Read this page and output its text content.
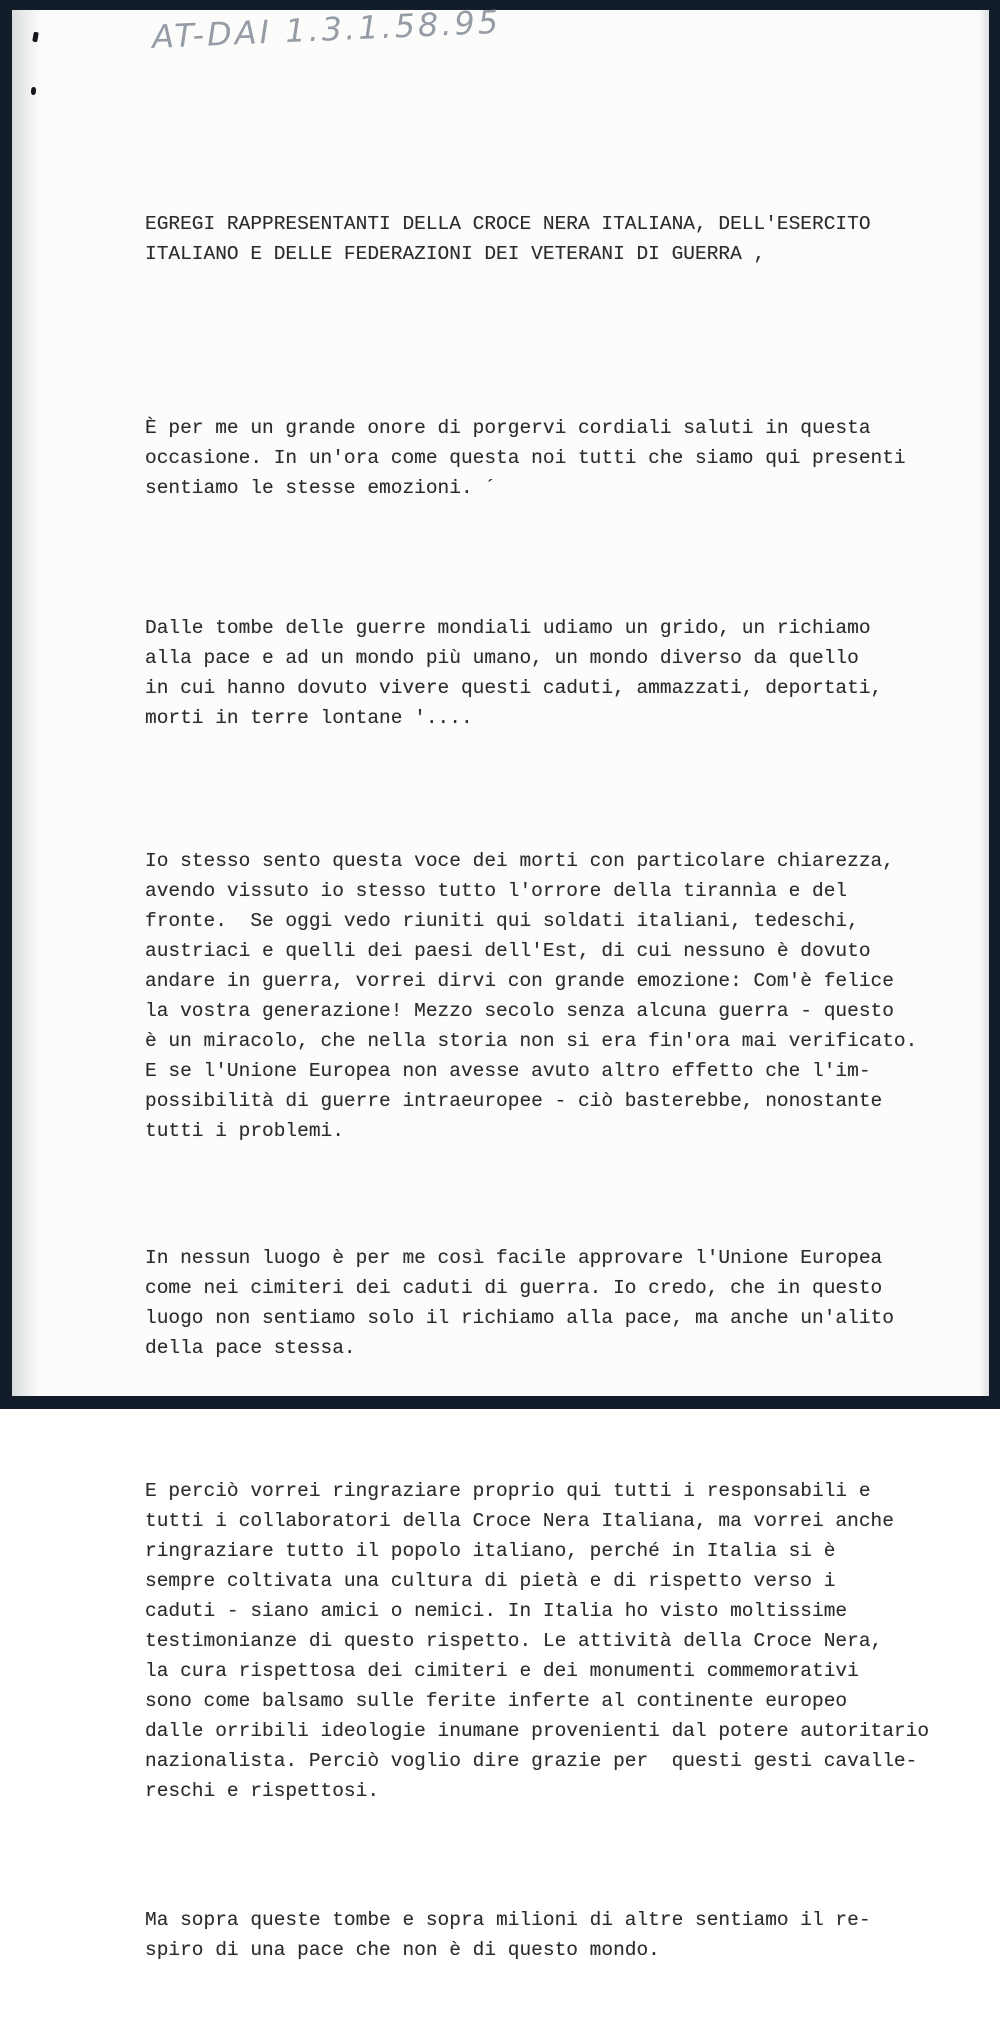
AT-DAI 1.3.1.58.95

EGREGI RAPPRESENTANTI DELLA CROCE NERA ITALIANA, DELL'ESERCITO
ITALIANO E DELLE FEDERAZIONI DEI VETERANI DI GUERRA ,

È per me un grande onore di porgervi cordiali saluti in questa
occasione. In un'ora come questa noi tutti che siamo qui presenti
sentiamo le stesse emozioni. ´

Dalle tombe delle guerre mondiali udiamo un grido, un richiamo
alla pace e ad un mondo più umano, un mondo diverso da quello
in cui hanno dovuto vivere questi caduti, ammazzati, deportati,
morti in terre lontane '....

Io stesso sento questa voce dei morti con particolare chiarezza,
avendo vissuto io stesso tutto l'orrore della tirannìa e del
fronte.  Se oggi vedo riuniti qui soldati italiani, tedeschi,
austriaci e quelli dei paesi dell'Est, di cui nessuno è dovuto
andare in guerra, vorrei dirvi con grande emozione: Com'è felice
la vostra generazione! Mezzo secolo senza alcuna guerra - questo
è un miracolo, che nella storia non si era fin'ora mai verificato.
E se l'Unione Europea non avesse avuto altro effetto che l'im-
possibilità di guerre intraeuropee - ciò basterebbe, nonostante
tutti i problemi.

In nessun luogo è per me così facile approvare l'Unione Europea
come nei cimiteri dei caduti di guerra. Io credo, che in questo
luogo non sentiamo solo il richiamo alla pace, ma anche un'alito
della pace stessa.

E perciò vorrei ringraziare proprio qui tutti i responsabili e
tutti i collaboratori della Croce Nera Italiana, ma vorrei anche
ringraziare tutto il popolo italiano, perché in Italia si è
sempre coltivata una cultura di pietà e di rispetto verso i
caduti - siano amici o nemici. In Italia ho visto moltissime
testimonianze di questo rispetto. Le attività della Croce Nera,
la cura rispettosa dei cimiteri e dei monumenti commemorativi
sono come balsamo sulle ferite inferte al continente europeo
dalle orribili ideologie inumane provenienti dal potere autoritario
nazionalista. Perciò voglio dire grazie per  questi gesti cavalle-
reschi e rispettosi.

Ma sopra queste tombe e sopra milioni di altre sentiamo il re-
spiro di una pace che non è di questo mondo.
